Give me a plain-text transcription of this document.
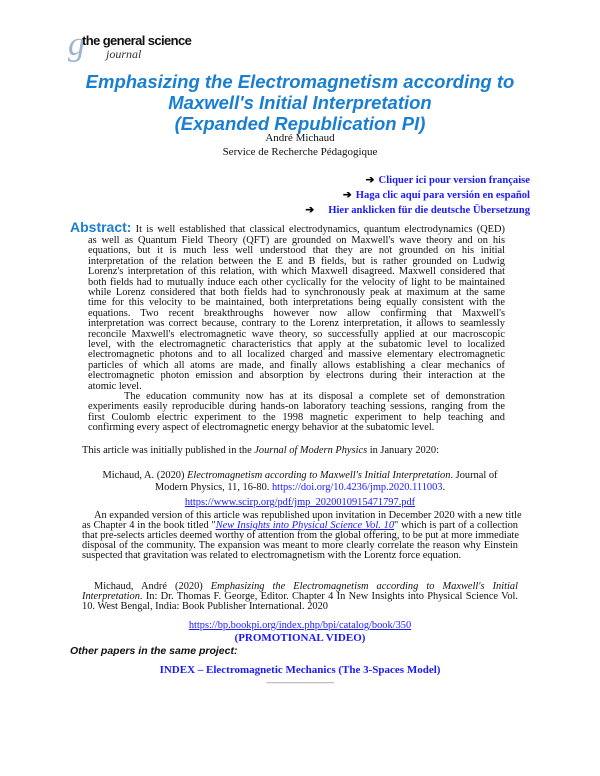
g
the general science
journal
Emphasizing the Electromagnetism according to
Maxwell's Initial Interpretation
(Expanded Republication PI)
André Michaud
Service de Recherche Pédagogique
➔ Cliquer ici pour version française
➔ Haga clic aquí para versión en español
➔ Hier anklicken für die deutsche Übersetzung
Abstract: It is well established that classical electrodynamics, quantum electrodynamics (QED)
as well as Quantum Field Theory (QFT) are grounded on Maxwell's wave theory and on his
equations, but it is much less well understood that they are not grounded on his initial
interpretation of the relation between the E and B fields, but is rather grounded on Ludwig
Lorenz's interpretation of this relation, with which Maxwell disagreed. Maxwell considered that
both fields had to mutually induce each other cyclically for the velocity of light to be maintained
while Lorenz considered that both fields had to synchronously peak at maximum at the same
time for this velocity to be maintained, both interpretations being equally consistent with the
equations. Two recent breakthroughs however now allow confirming that Maxwell's
interpretation was correct because, contrary to the Lorenz interpretation, it allows to seamlessly
reconcile Maxwell's electromagnetic wave theory, so successfully applied at our macroscopic
level, with the electromagnetic characteristics that apply at the subatomic level to localized
electromagnetic photons and to all localized charged and massive elementary electromagnetic
particles of which all atoms are made, and finally allows establishing a clear mechanics of
electromagnetic photon emission and absorption by electrons during their interaction at the
atomic level.
The education community now has at its disposal a complete set of demonstration
experiments easily reproducible during hands-on laboratory teaching sessions, ranging from the
first Coulomb electric experiment to the 1998 magnetic experiment to help teaching and
confirming every aspect of electromagnetic energy behavior at the subatomic level.
This article was initially published in the Journal of Modern Physics in January 2020:
Michaud, A. (2020) Electromagnetism according to Maxwell's Initial Interpretation. Journal of
Modern Physics, 11, 16-80. https://doi.org/10.4236/jmp.2020.111003.
https://www.scirp.org/pdf/jmp_2020010915471797.pdf
An expanded version of this article was republished upon invitation in December 2020 with a new title
as Chapter 4 in the book titled "New Insights into Physical Science Vol. 10" which is part of a collection
that pre-selects articles deemed worthy of attention from the global offering, to be put at more immediate
disposal of the community. The expansion was meant to more clearly correlate the reason why Einstein
suspected that gravitation was related to electromagnetism with the Lorentz force equation.
Michaud, André (2020) Emphasizing the Electromagnetism according to Maxwell's Initial
Interpretation. In: Dr. Thomas F. George, Editor. Chapter 4 In New Insights into Physical Science Vol.
10. West Bengal, India: Book Publisher International. 2020
https://bp.bookpi.org/index.php/bpi/catalog/book/350
(PROMOTIONAL VIDEO)
Other papers in the same project:
INDEX – Electromagnetic Mechanics (The 3-Spaces Model)
---------------------------
